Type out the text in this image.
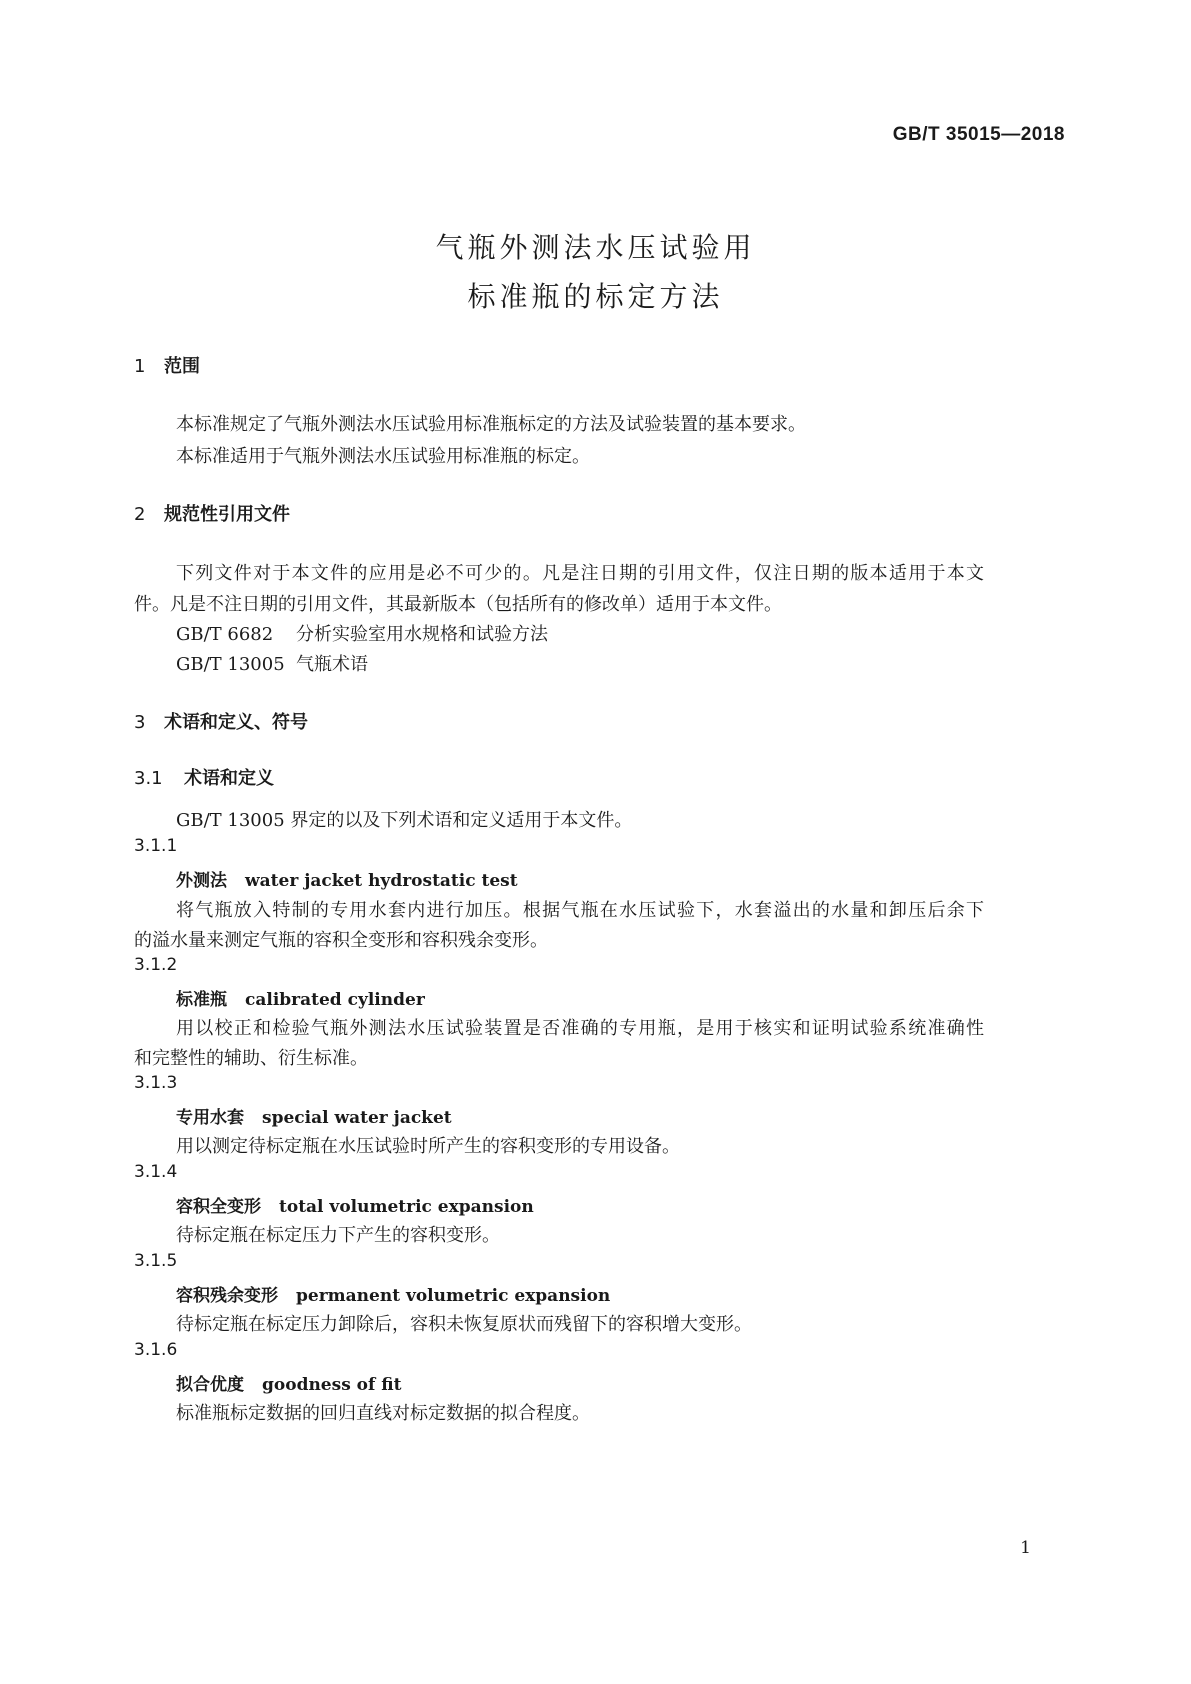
GB/T 35015—2018
气瓶外测法水压试验用
标准瓶的标定方法
1 范围
本标准规定了气瓶外测法水压试验用标准瓶标定的方法及试验装置的基本要求。
本标准适用于气瓶外测法水压试验用标准瓶的标定。
2 规范性引用文件
下列文件对于本文件的应用是必不可少的。凡是注日期的引用文件，仅注日期的版本适用于本文
件。凡是不注日期的引用文件，其最新版本（包括所有的修改单）适用于本文件。
GB/T 6682 分析实验室用水规格和试验方法
GB/T 13005 气瓶术语
3 术语和定义、符号
3.1 术语和定义
GB/T 13005 界定的以及下列术语和定义适用于本文件。
3.1.1
外测法 water jacket hydrostatic test
将气瓶放入特制的专用水套内进行加压。根据气瓶在水压试验下，水套溢出的水量和卸压后余下
的溢水量来测定气瓶的容积全变形和容积残余变形。
3.1.2
标准瓶 calibrated cylinder
用以校正和检验气瓶外测法水压试验装置是否准确的专用瓶，是用于核实和证明试验系统准确性
和完整性的辅助、衍生标准。
3.1.3
专用水套 special water jacket
用以测定待标定瓶在水压试验时所产生的容积变形的专用设备。
3.1.4
容积全变形 total volumetric expansion
待标定瓶在标定压力下产生的容积变形。
3.1.5
容积残余变形 permanent volumetric expansion
待标定瓶在标定压力卸除后，容积未恢复原状而残留下的容积增大变形。
3.1.6
拟合优度 goodness of fit
标准瓶标定数据的回归直线对标定数据的拟合程度。
1
